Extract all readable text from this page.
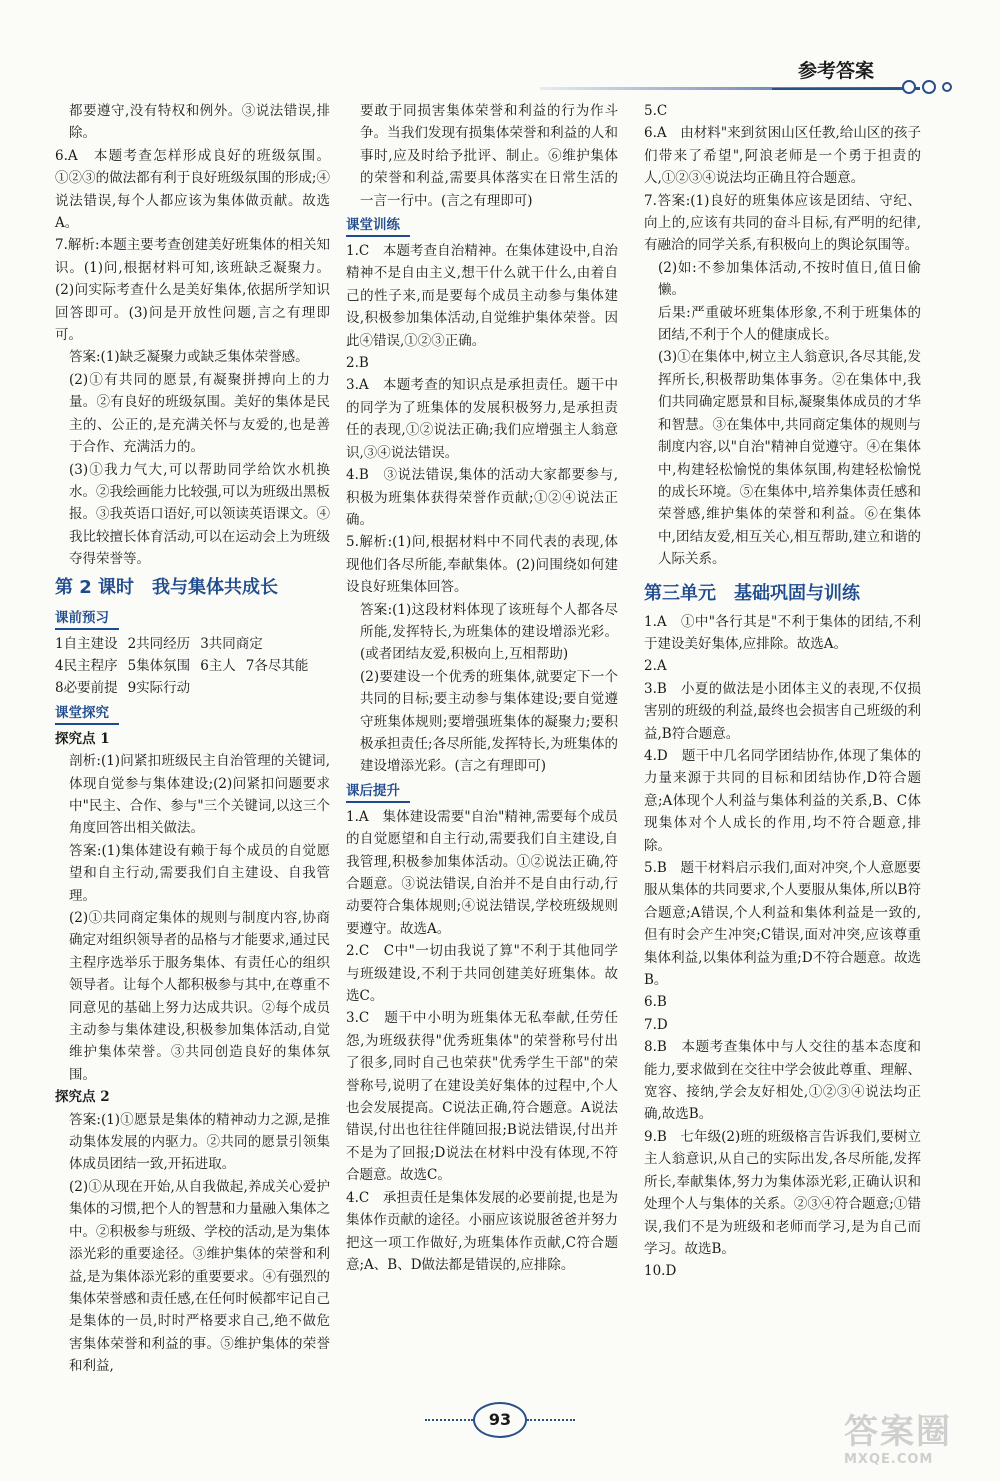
参考答案

都要遵守,没有特权和例外。③说法错误,排除。

6.A　本题考查怎样形成良好的班级氛围。①②③的做法都有利于良好班级氛围的形成;④说法错误,每个人都应该为集体做贡献。故选A。

7.解析:本题主要考查创建美好班集体的相关知识。(1)问,根据材料可知,该班缺乏凝聚力。(2)问实际考查什么是美好集体,依据所学知识回答即可。(3)问是开放性问题,言之有理即可。

答案:(1)缺乏凝聚力或缺乏集体荣誉感。

(2)①有共同的愿景,有凝聚拼搏向上的力量。②有良好的班级氛围。美好的集体是民主的、公正的,是充满关怀与友爱的,也是善于合作、充满活力的。

(3)①我力气大,可以帮助同学给饮水机换水。②我绘画能力比较强,可以为班级出黑板报。③我英语口语好,可以领读英语课文。④我比较擅长体育活动,可以在运动会上为班级夺得荣誉等。

第 2 课时　我与集体共成长
课前预习
1自主建设 2共同经历 3共同商定
4民主程序 5集体氛围 6主人 7各尽其能
8必要前提 9实际行动
课堂探究

探究点 1

剖析:(1)问紧扣班级民主自治管理的关键词,体现自觉参与集体建设;(2)问紧扣问题要求中"民主、合作、参与"三个关键词,以这三个角度回答出相关做法。

答案:(1)集体建设有赖于每个成员的自觉愿望和自主行动,需要我们自主建设、自我管理。

(2)①共同商定集体的规则与制度内容,协商确定对组织领导者的品格与才能要求,通过民主程序选举乐于服务集体、有责任心的组织领导者。让每个人都积极参与其中,在尊重不同意见的基础上努力达成共识。②每个成员主动参与集体建设,积极参加集体活动,自觉维护集体荣誉。③共同创造良好的集体氛围。

探究点 2

答案:(1)①愿景是集体的精神动力之源,是推动集体发展的内驱力。②共同的愿景引领集体成员团结一致,开拓进取。

(2)①从现在开始,从自我做起,养成关心爱护集体的习惯,把个人的智慧和力量融入集体之中。②积极参与班级、学校的活动,是为集体添光彩的重要途径。③维护集体的荣誉和利益,是为集体添光彩的重要要求。④有强烈的集体荣誉感和责任感,在任何时候都牢记自己是集体的一员,时时严格要求自己,绝不做危害集体荣誉和利益的事。⑤维护集体的荣誉和利益,

要敢于同损害集体荣誉和利益的行为作斗争。当我们发现有损集体荣誉和利益的人和事时,应及时给予批评、制止。⑥维护集体的荣誉和利益,需要具体落实在日常生活的一言一行中。(言之有理即可)

课堂训练

1.C　本题考查自治精神。在集体建设中,自治精神不是自由主义,想干什么就干什么,由着自己的性子来,而是要每个成员主动参与集体建设,积极参加集体活动,自觉维护集体荣誉。因此④错误,①②③正确。

2.B

3.A　本题考查的知识点是承担责任。题干中的同学为了班集体的发展积极努力,是承担责任的表现,①②说法正确;我们应增强主人翁意识,③④说法错误。

4.B　③说法错误,集体的活动大家都要参与,积极为班集体获得荣誉作贡献;①②④说法正确。

5.解析:(1)问,根据材料中不同代表的表现,体现他们各尽所能,奉献集体。(2)问围绕如何建设良好班集体回答。

答案:(1)这段材料体现了该班每个人都各尽所能,发挥特长,为班集体的建设增添光彩。(或者团结友爱,积极向上,互相帮助)

(2)要建设一个优秀的班集体,就要定下一个共同的目标;要主动参与集体建设;要自觉遵守班集体规则;要增强班集体的凝聚力;要积极承担责任;各尽所能,发挥特长,为班集体的建设增添光彩。(言之有理即可)

课后提升

1.A　集体建设需要"自治"精神,需要每个成员的自觉愿望和自主行动,需要我们自主建设,自我管理,积极参加集体活动。①②说法正确,符合题意。③说法错误,自治并不是自由行动,行动要符合集体规则;④说法错误,学校班级规则要遵守。故选A。

2.C　C中"一切由我说了算"不利于其他同学与班级建设,不利于共同创建美好班集体。故选C。

3.C　题干中小明为班集体无私奉献,任劳任怨,为班级获得"优秀班集体"的荣誉称号付出了很多,同时自己也荣获"优秀学生干部"的荣誉称号,说明了在建设美好集体的过程中,个人也会发展提高。C说法正确,符合题意。A说法错误,付出也往往伴随回报;B说法错误,付出并不是为了回报;D说法在材料中没有体现,不符合题意。故选C。

4.C　承担责任是集体发展的必要前提,也是为集体作贡献的途径。小丽应该说服爸爸并努力把这一项工作做好,为班集体作贡献,C符合题意;A、B、D做法都是错误的,应排除。

5.C

6.A　由材料"来到贫困山区任教,给山区的孩子们带来了希望",阿浪老师是一个勇于担责的人,①②③④说法均正确且符合题意。

7.答案:(1)良好的班集体应该是团结、守纪、向上的,应该有共同的奋斗目标,有严明的纪律,有融洽的同学关系,有积极向上的舆论氛围等。

(2)如:不参加集体活动,不按时值日,值日偷懒。

后果:严重破坏班集体形象,不利于班集体的团结,不利于个人的健康成长。

(3)①在集体中,树立主人翁意识,各尽其能,发挥所长,积极帮助集体事务。②在集体中,我们共同确定愿景和目标,凝聚集体成员的才华和智慧。③在集体中,共同商定集体的规则与制度内容,以"自治"精神自觉遵守。④在集体中,构建轻松愉悦的集体氛围,构建轻松愉悦的成长环境。⑤在集体中,培养集体责任感和荣誉感,维护集体的荣誉和利益。⑥在集体中,团结友爱,相互关心,相互帮助,建立和谐的人际关系。

第三单元　基础巩固与训练

1.A　①中"各行其是"不利于集体的团结,不利于建设美好集体,应排除。故选A。

2.A

3.B　小夏的做法是小团体主义的表现,不仅损害别的班级的利益,最终也会损害自己班级的利益,B符合题意。

4.D　题干中几名同学团结协作,体现了集体的力量来源于共同的目标和团结协作,D符合题意;A体现个人利益与集体利益的关系,B、C体现集体对个人成长的作用,均不符合题意,排除。

5.B　题干材料启示我们,面对冲突,个人意愿要服从集体的共同要求,个人要服从集体,所以B符合题意;A错误,个人利益和集体利益是一致的,但有时会产生冲突;C错误,面对冲突,应该尊重集体利益,以集体利益为重;D不符合题意。故选B。

6.B

7.D

8.B　本题考查集体中与人交往的基本态度和能力,要求做到在交往中学会彼此尊重、理解、宽容、接纳,学会友好相处,①②③④说法均正确,故选B。

9.B　七年级(2)班的班级格言告诉我们,要树立主人翁意识,从自己的实际出发,各尽所能,发挥所长,奉献集体,努力为集体添光彩,正确认识和处理个人与集体的关系。②③④符合题意;①错误,我们不是为班级和老师而学习,是为自己而学习。故选B。

10.D

93	答案圈
MXQE.COM
